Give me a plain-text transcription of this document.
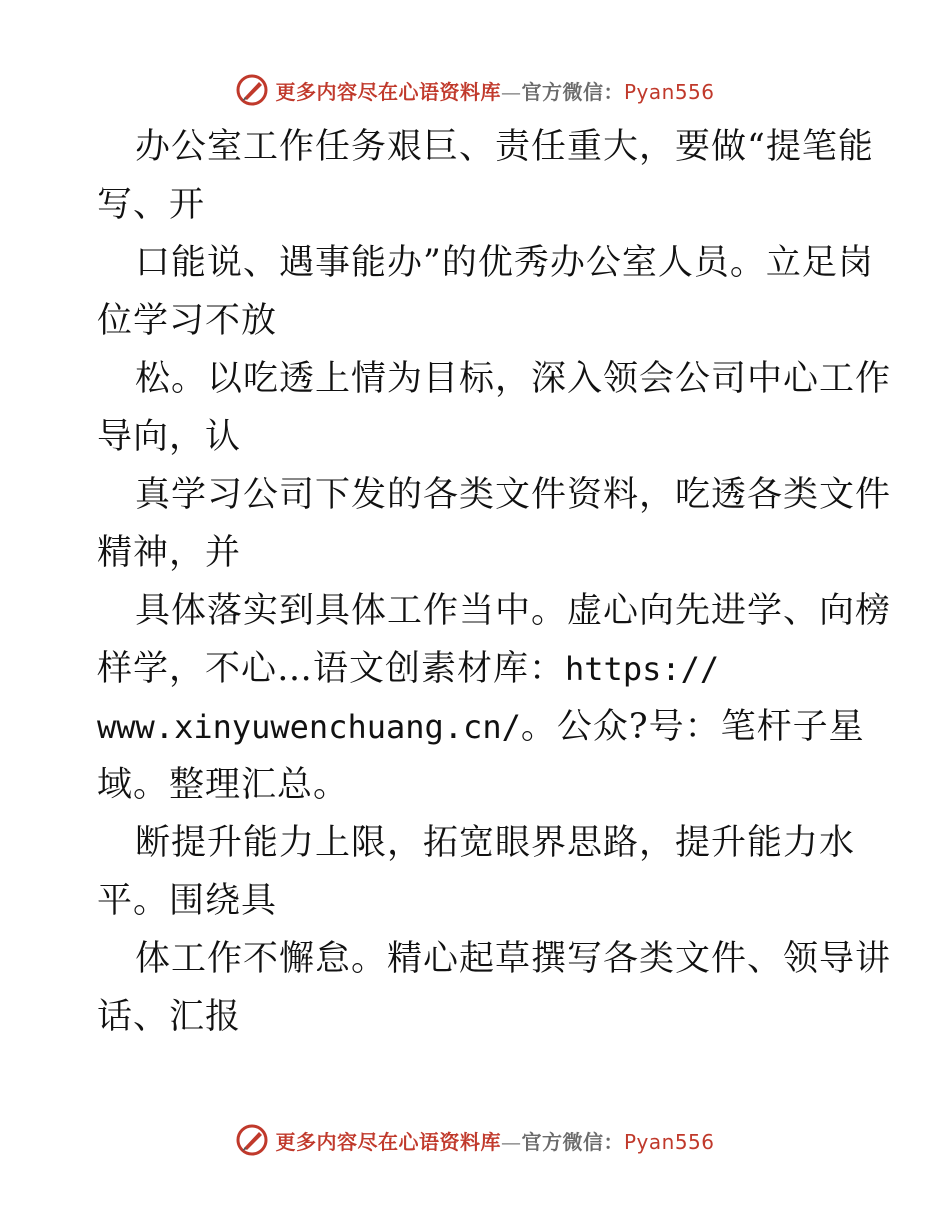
更多内容尽在心语资料库—官方微信：Pyan556
办公室工作任务艰巨、责任重大，要做“提笔能
写、开
口能说、遇事能办”的优秀办公室人员。立足岗
位学习不放
松。以吃透上情为目标，深入领会公司中心工作
导向，认
真学习公司下发的各类文件资料，吃透各类文件
精神，并
具体落实到具体工作当中。虚心向先进学、向榜
样学，不心…语文创素材库：https://
www.xinyuwenchuang.cn/。公众?号：笔杆子星
域。整理汇总。
断提升能力上限，拓宽眼界思路，提升能力水
平。围绕具
体工作不懈怠。精心起草撰写各类文件、领导讲
话、汇报
更多内容尽在心语资料库—官方微信：Pyan556
